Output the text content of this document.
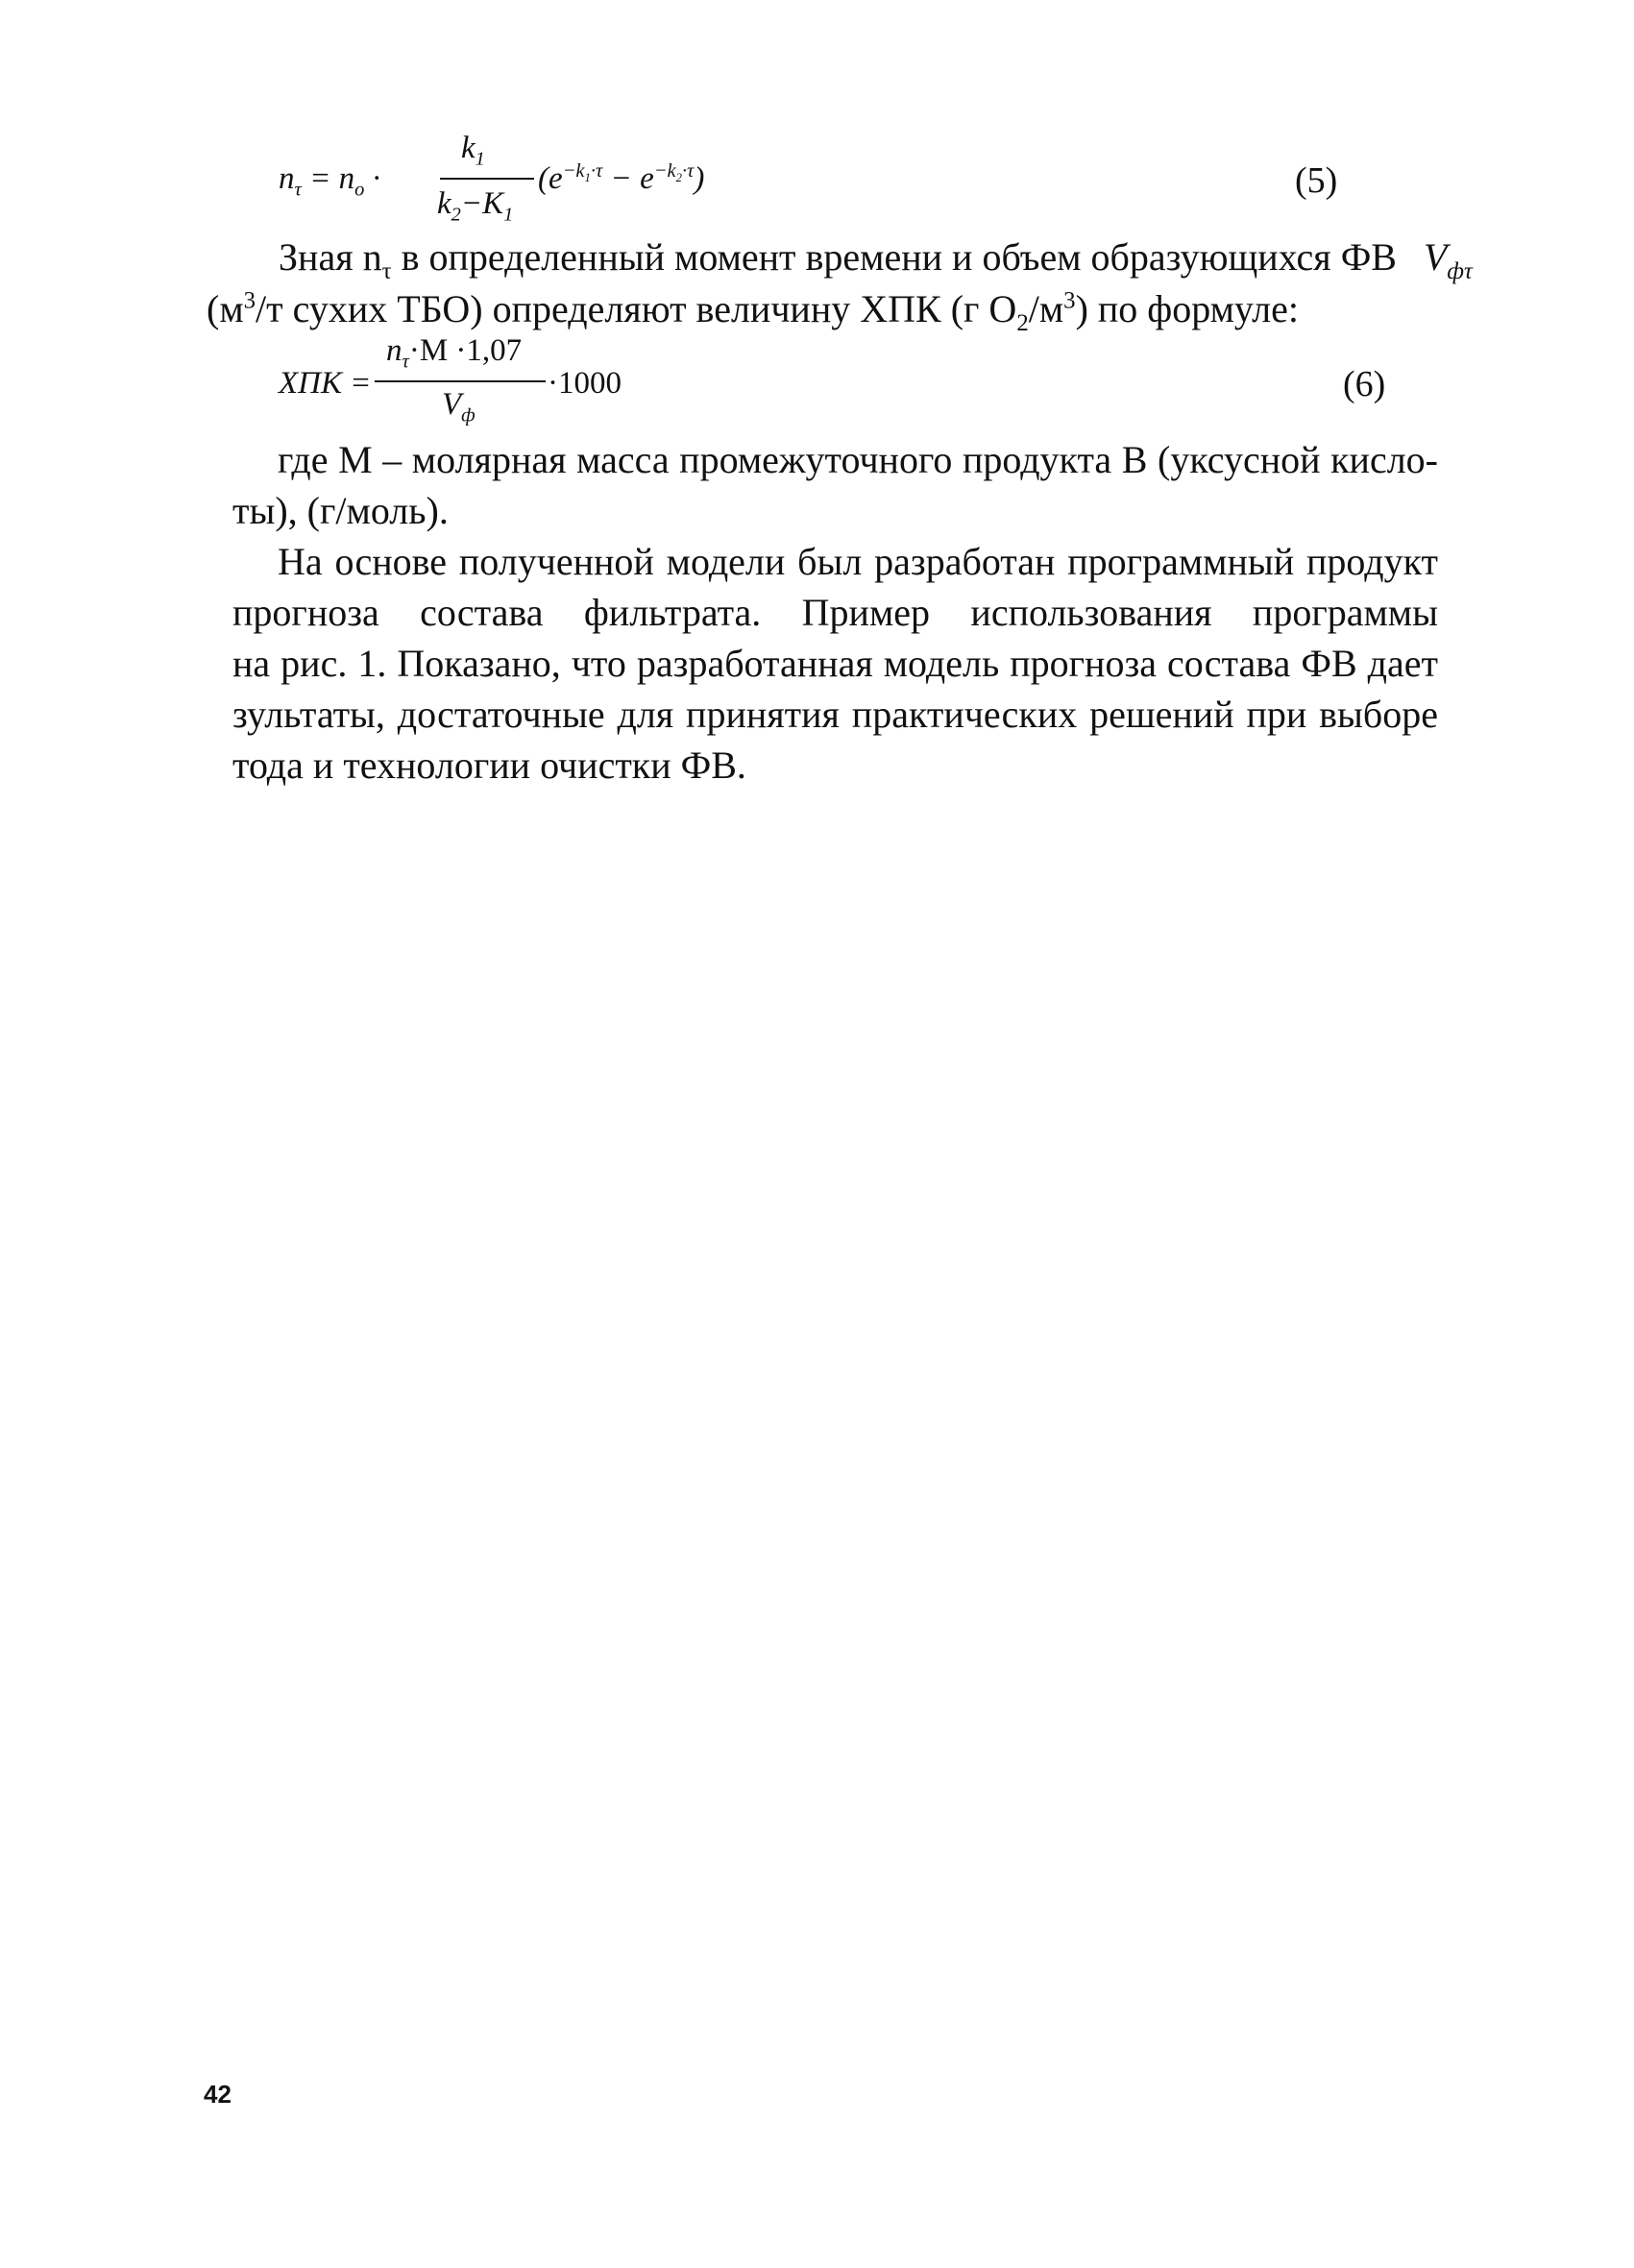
$n_\tau = n_o$ ·
$k_1$
$k_2-K_1$
$(e^{-k_1\cdot\tau} - e^{-k_2\cdot\tau})$	(5)
Зная $n_\tau$ в определенный момент времени и объем образующихся ФВ $V_{ф\tau}$
($м^3/т$ сухих ТБО) определяют величину ХПК (г $О_2/м^3$) по формуле:
ХПК =
$n_\tau\cdot M \cdot 1,07$
$V_ф$
·1000	(6)

где M – молярная масса промежуточного продукта В (уксусной кисло-

ты), (г/моль).

На основе полученной модели был разработан программный продукт

прогноза состава фильтрата. Пример использования программы

на рис. 1. Показано, что разработанная модель прогноза состава ФВ дает

зультаты, достаточные для принятия практических решений при выборе

тода и технологии очистки ФВ.

42
